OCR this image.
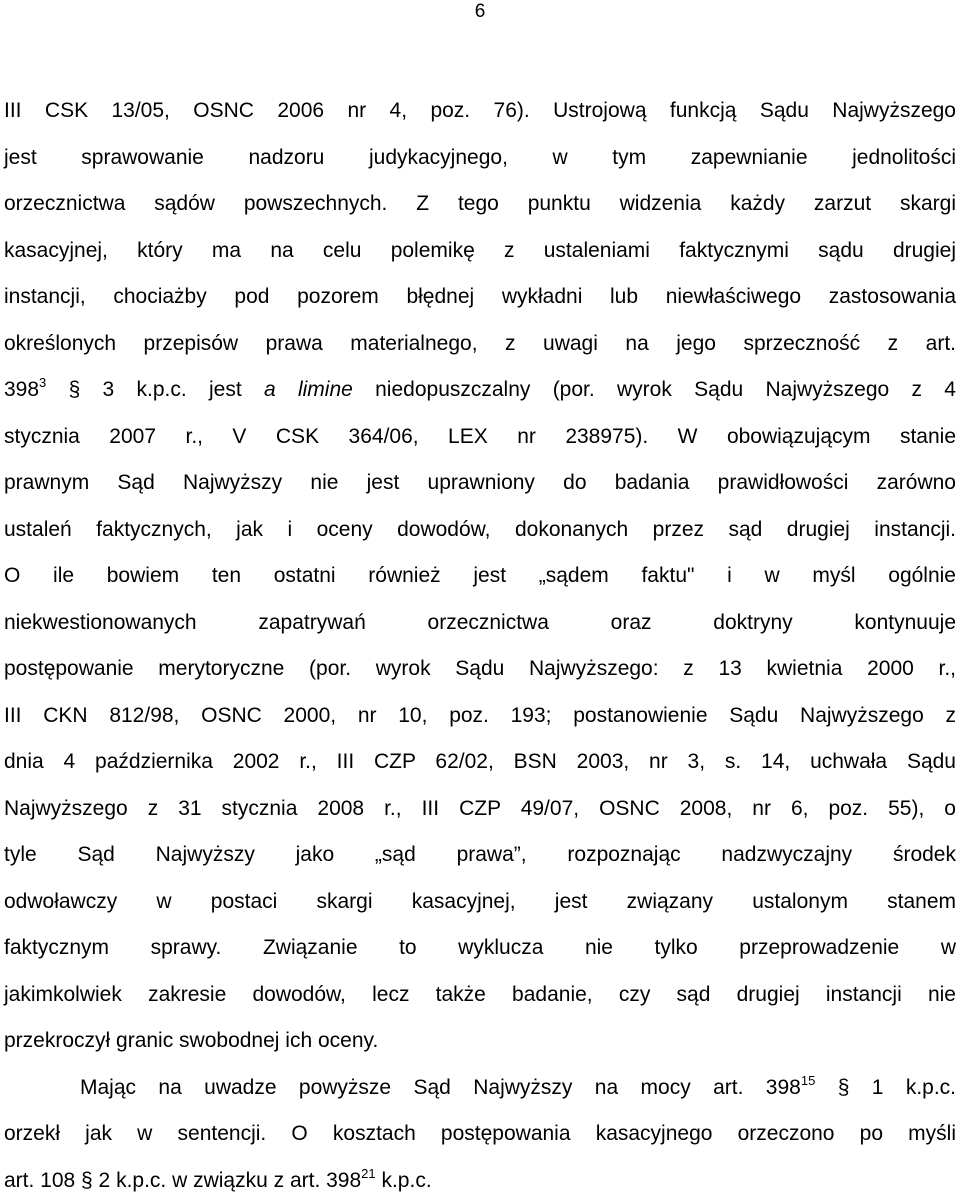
6
III CSK 13/05, OSNC 2006 nr 4, poz. 76). Ustrojową funkcją Sądu Najwyższego
jest sprawowanie nadzoru judykacyjnego, w tym zapewnianie jednolitości
orzecznictwa sądów powszechnych. Z tego punktu widzenia każdy zarzut skargi
kasacyjnej, który ma na celu polemikę z ustaleniami faktycznymi sądu drugiej
instancji, chociażby pod pozorem błędnej wykładni lub niewłaściwego zastosowania
określonych przepisów prawa materialnego, z uwagi na jego sprzeczność z art.
$398^3$ § 3 k.p.c. jest a limine niedopuszczalny (por. wyrok Sądu Najwyższego z 4
stycznia 2007 r., V CSK 364/06, LEX nr 238975). W obowiązującym stanie
prawnym Sąd Najwyższy nie jest uprawniony do badania prawidłowości zarówno
ustaleń faktycznych, jak i oceny dowodów, dokonanych przez sąd drugiej instancji.
O ile bowiem ten ostatni również jest „sądem faktu" i w myśl ogólnie
niekwestionowanych zapatrywań orzecznictwa oraz doktryny kontynuuje
postępowanie merytoryczne (por. wyrok Sądu Najwyższego: z 13 kwietnia 2000 r.,
III CKN 812/98, OSNC 2000, nr 10, poz. 193; postanowienie Sądu Najwyższego z
dnia 4 października 2002 r., III CZP 62/02, BSN 2003, nr 3, s. 14, uchwała Sądu
Najwyższego z 31 stycznia 2008 r., III CZP 49/07, OSNC 2008, nr 6, poz. 55), o
tyle Sąd Najwyższy jako „sąd prawa”, rozpoznając nadzwyczajny środek
odwoławczy w postaci skargi kasacyjnej, jest związany ustalonym stanem
faktycznym sprawy. Związanie to wyklucza nie tylko przeprowadzenie w
jakimkolwiek zakresie dowodów, lecz także badanie, czy sąd drugiej instancji nie
przekroczył granic swobodnej ich oceny.
Mając na uwadze powyższe Sąd Najwyższy na mocy art. $398^{15}$ § 1 k.p.c.
orzekł jak w sentencji. O kosztach postępowania kasacyjnego orzeczono po myśli
art. 108 § 2 k.p.c. w związku z art. $398^{21}$ k.p.c.
